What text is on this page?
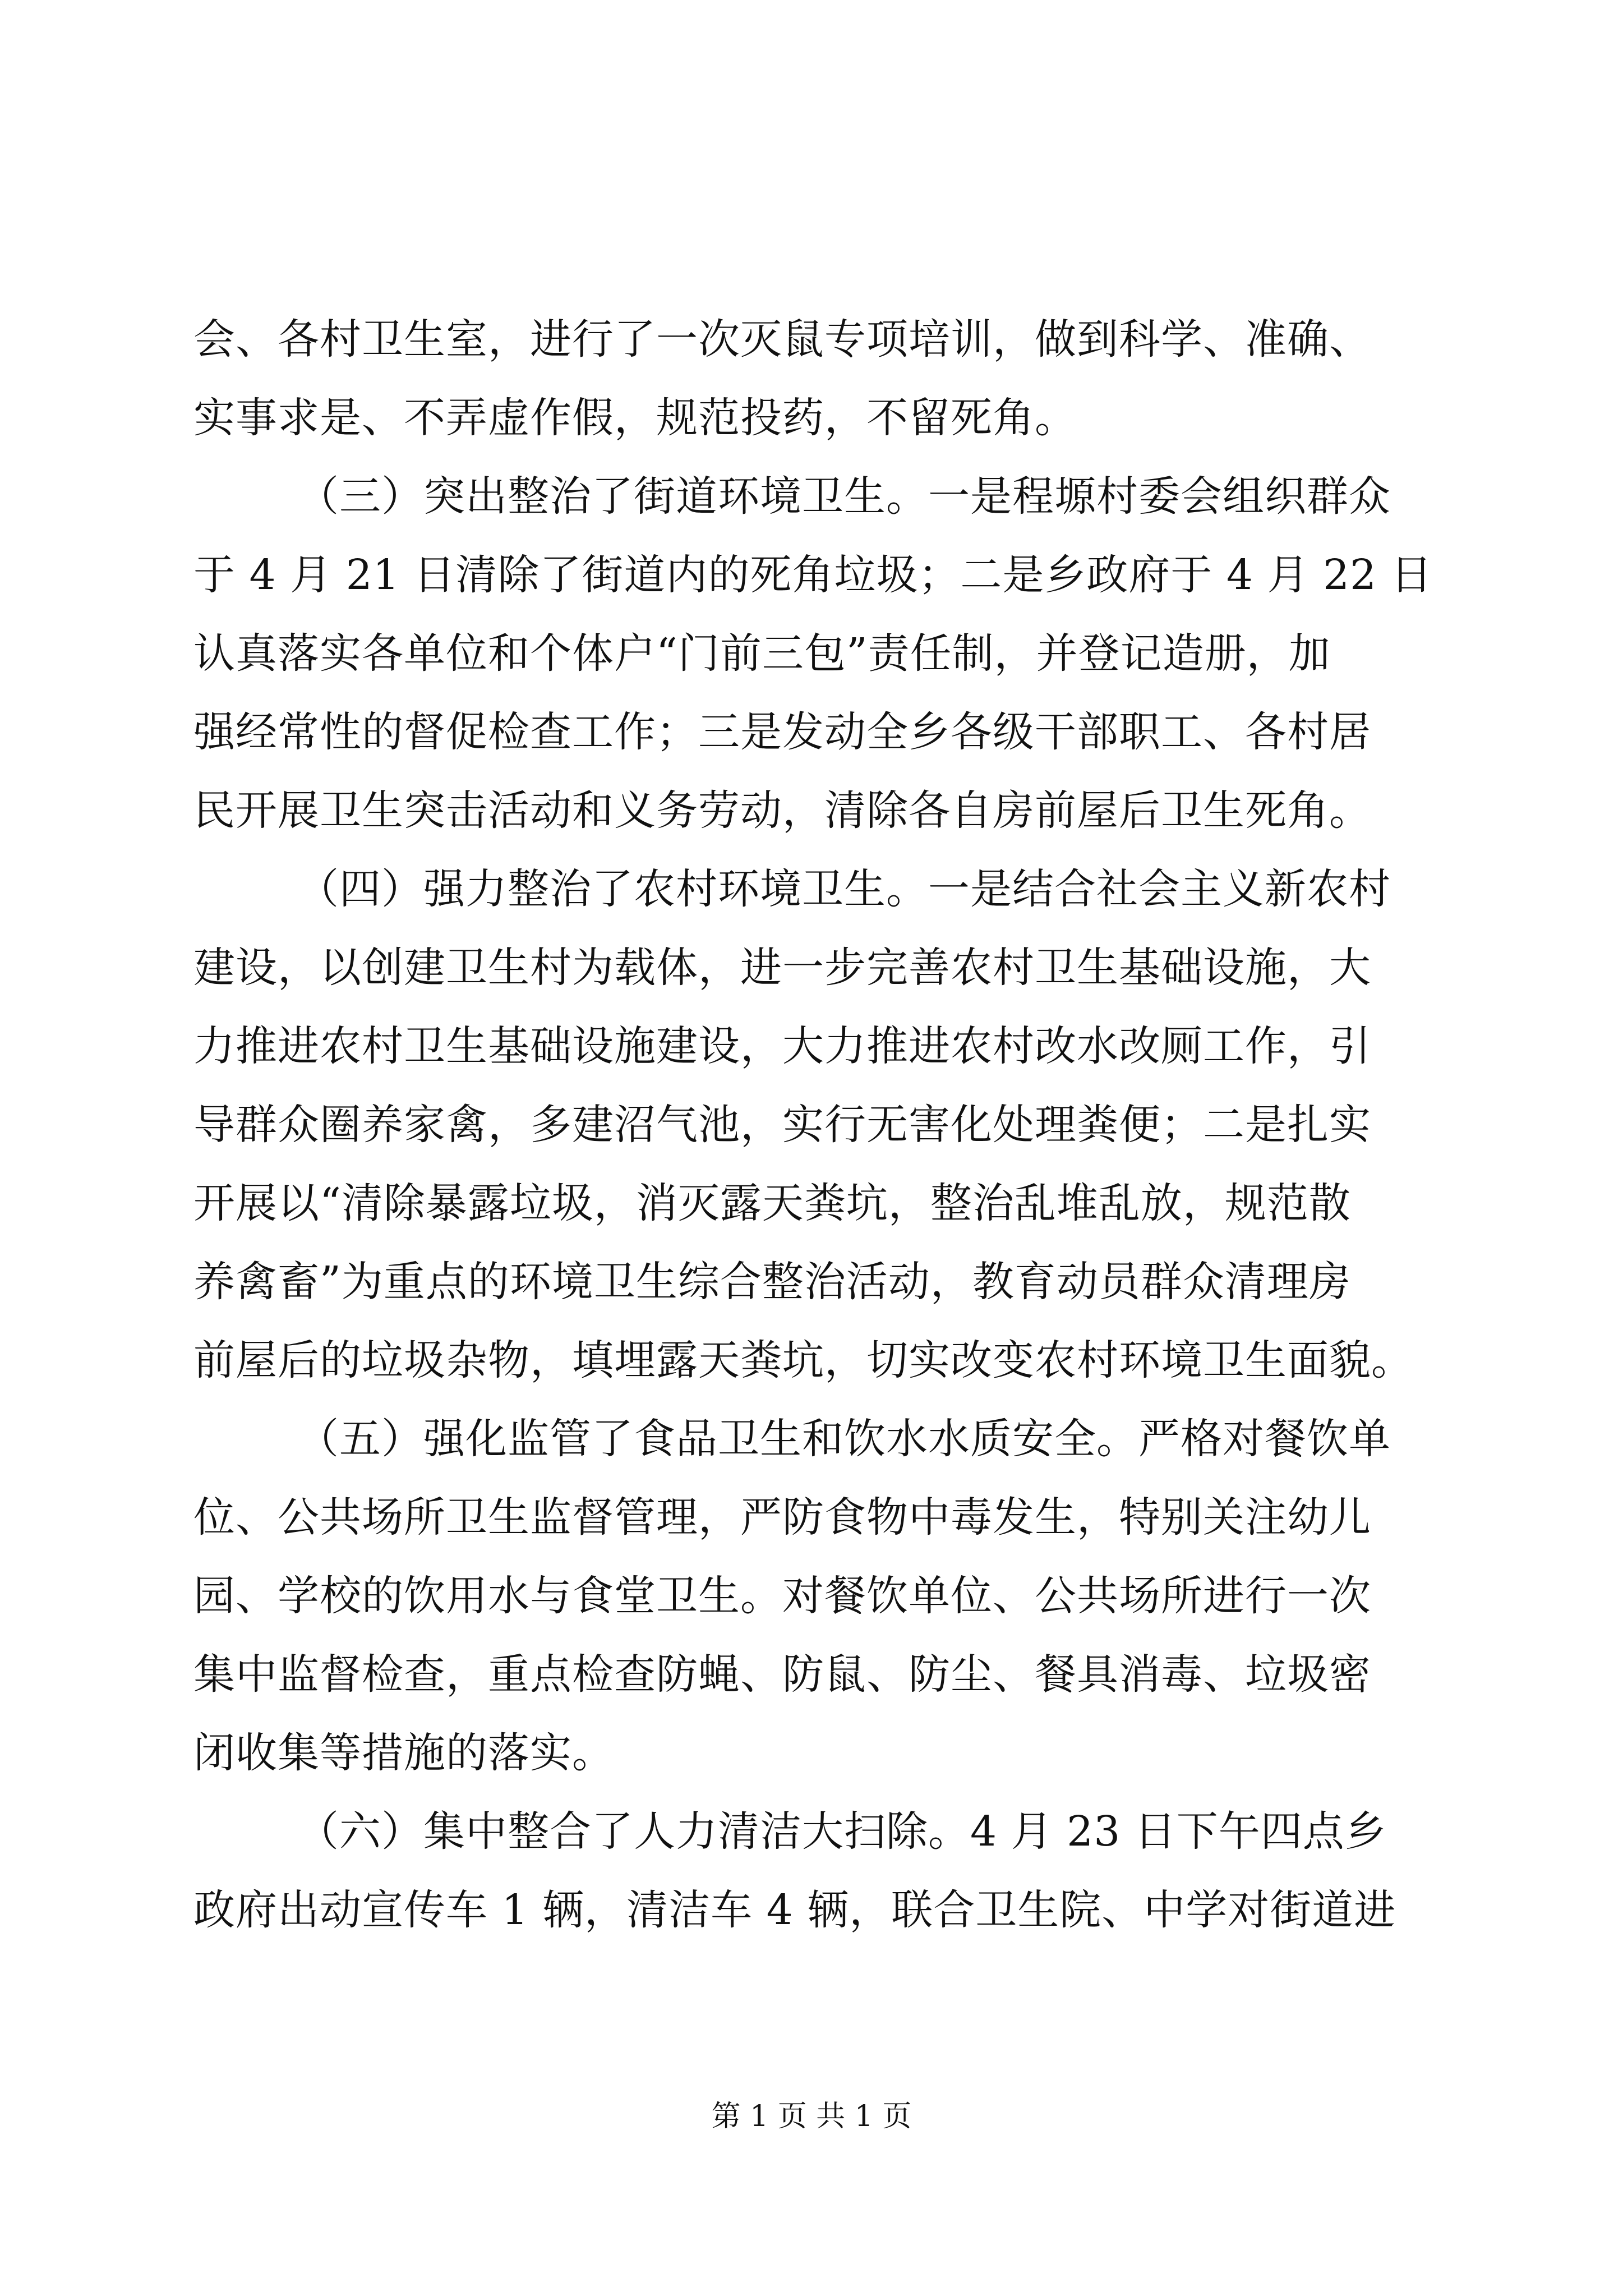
会、各村卫生室，进行了一次灭鼠专项培训，做到科学、准确、
实事求是、不弄虚作假，规范投药，不留死角。
（三）突出整治了街道环境卫生。一是程塬村委会组织群众
于 4 月 21 日清除了街道内的死角垃圾；二是乡政府于 4 月 22 日
认真落实各单位和个体户“门前三包”责任制，并登记造册，加
强经常性的督促检查工作；三是发动全乡各级干部职工、各村居
民开展卫生突击活动和义务劳动，清除各自房前屋后卫生死角。
（四）强力整治了农村环境卫生。一是结合社会主义新农村
建设，以创建卫生村为载体，进一步完善农村卫生基础设施，大
力推进农村卫生基础设施建设，大力推进农村改水改厕工作，引
导群众圈养家禽，多建沼气池，实行无害化处理粪便；二是扎实
开展以“清除暴露垃圾，消灭露天粪坑，整治乱堆乱放，规范散
养禽畜”为重点的环境卫生综合整治活动，教育动员群众清理房
前屋后的垃圾杂物，填埋露天粪坑，切实改变农村环境卫生面貌。
（五）强化监管了食品卫生和饮水水质安全。严格对餐饮单
位、公共场所卫生监督管理，严防食物中毒发生，特别关注幼儿
园、学校的饮用水与食堂卫生。对餐饮单位、公共场所进行一次
集中监督检查，重点检查防蝇、防鼠、防尘、餐具消毒、垃圾密
闭收集等措施的落实。
（六）集中整合了人力清洁大扫除。4 月 23 日下午四点乡
政府出动宣传车 1 辆，清洁车 4 辆，联合卫生院、中学对街道进
第 1 页 共 1 页
